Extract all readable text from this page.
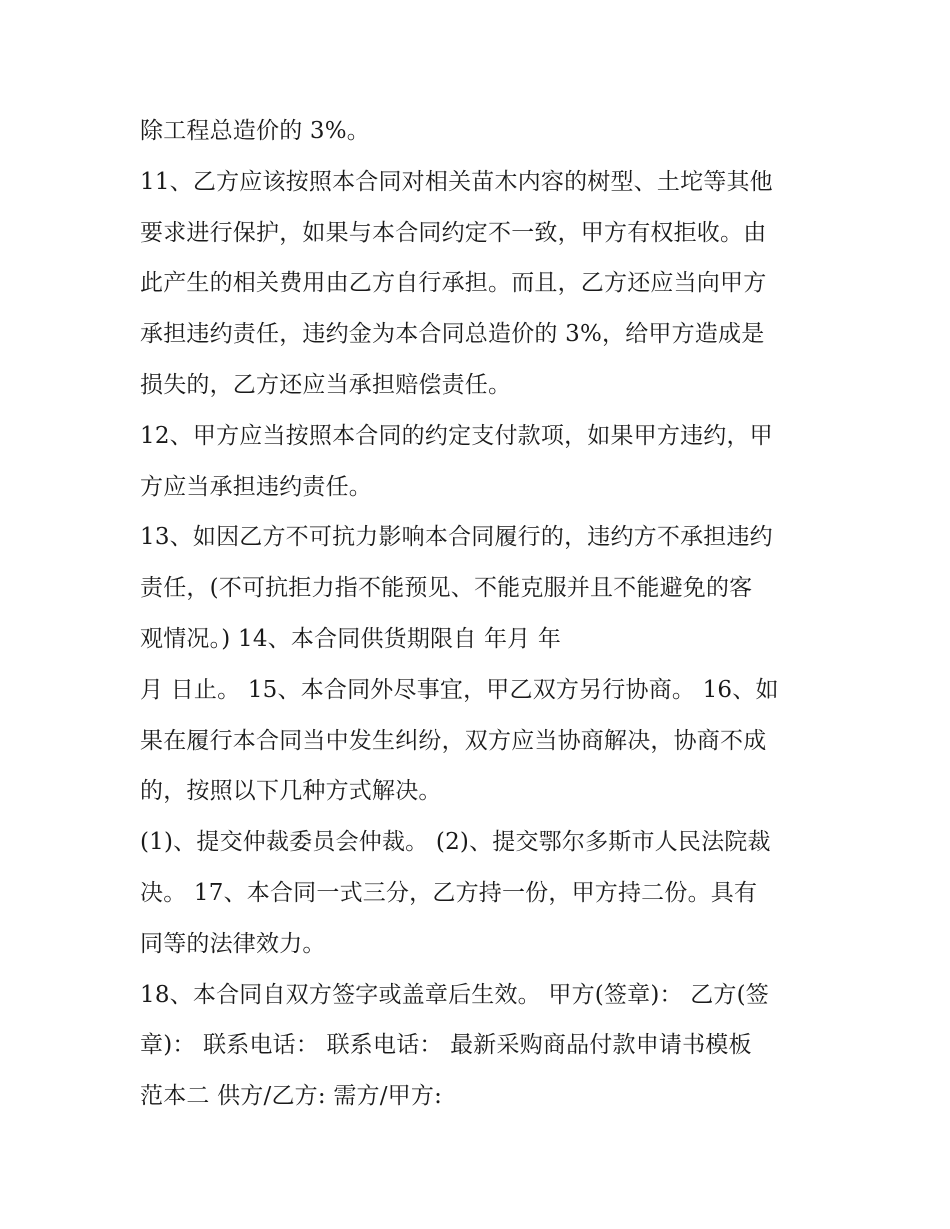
除工程总造价的 3%。
11、乙方应该按照本合同对相关苗木内容的树型、土坨等其他
要求进行保护，如果与本合同约定不一致，甲方有权拒收。由
此产生的相关费用由乙方自行承担。而且，乙方还应当向甲方
承担违约责任，违约金为本合同总造价的 3%，给甲方造成是
损失的，乙方还应当承担赔偿责任。
12、甲方应当按照本合同的约定支付款项，如果甲方违约，甲
方应当承担违约责任。
13、如因乙方不可抗力影响本合同履行的，违约方不承担违约
责任，(不可抗拒力指不能预见、不能克服并且不能避免的客
观情况。) 14、本合同供货期限自 年月 年
月 日止。 15、本合同外尽事宜，甲乙双方另行协商。 16、如
果在履行本合同当中发生纠纷，双方应当协商解决，协商不成
的，按照以下几种方式解决。
(1)、提交仲裁委员会仲裁。 (2)、提交鄂尔多斯市人民法院裁
决。 17、本合同一式三分，乙方持一份，甲方持二份。具有
同等的法律效力。
18、本合同自双方签字或盖章后生效。 甲方(签章)： 乙方(签
章)： 联系电话： 联系电话： 最新采购商品付款申请书模板
范本二 供方/乙方: 需方/甲方:
